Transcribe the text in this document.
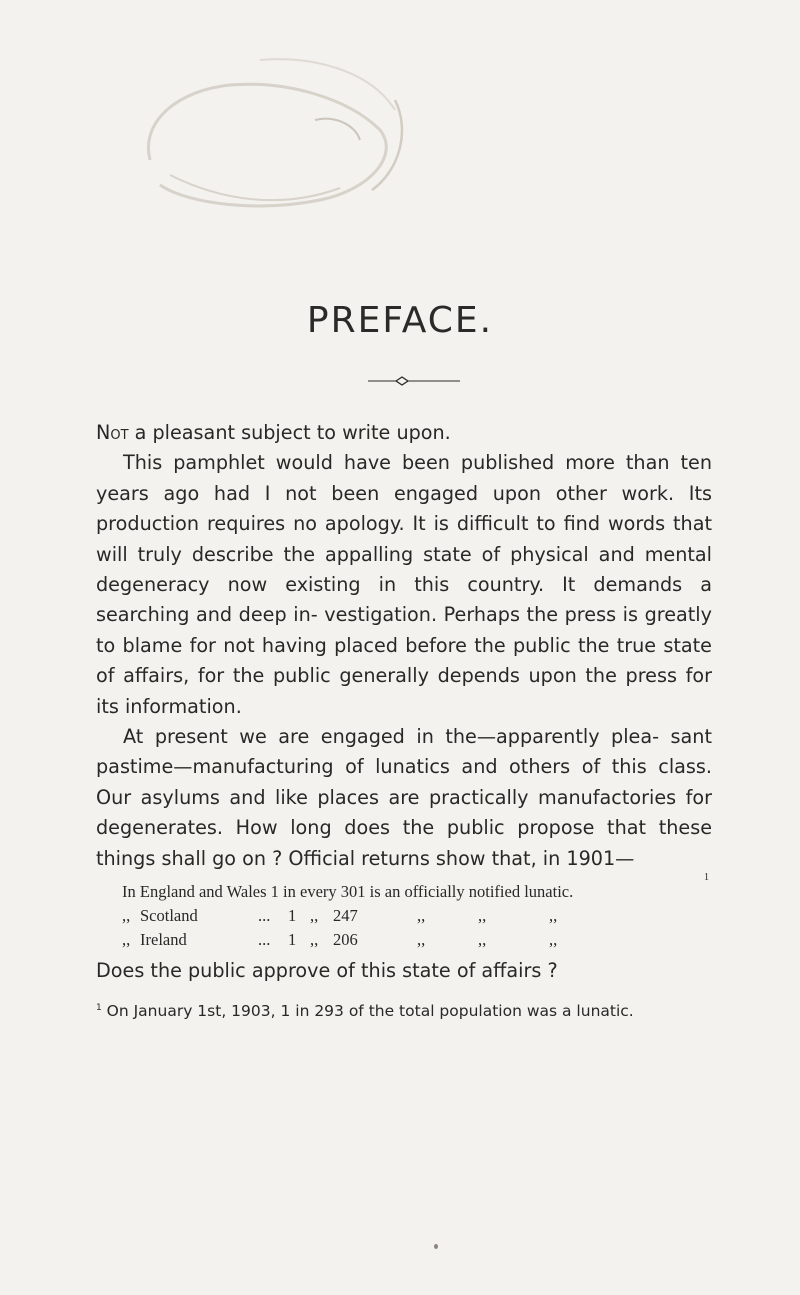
PREFACE.

Not a pleasant subject to write upon.

This pamphlet would have been published more than ten years ago had I not been engaged upon other work. Its production requires no apology. It is difficult to find words that will truly describe the appalling state of physical and mental degeneracy now existing in this country. It demands a searching and deep in- vestigation. Perhaps the press is greatly to blame for not having placed before the public the true state of affairs, for the public generally depends upon the press for its information.

At present we are engaged in the—apparently plea- sant pastime—manufacturing of lunatics and others of this class. Our asylums and like places are practically manufactories for degenerates. How long does the public propose that these things shall go on ? Official returns show that, in 1901—

In England and Wales 1 in every 301 is an officially notified lunatic.
1
,, Scotland	... 1 ,, 247	,,	,,	,,
,, Ireland	... 1 ,, 206	,,	,,	,,
Does the public approve of this state of affairs ?
$^1$ On January 1st, 1903, 1 in 293 of the total population was a lunatic.
